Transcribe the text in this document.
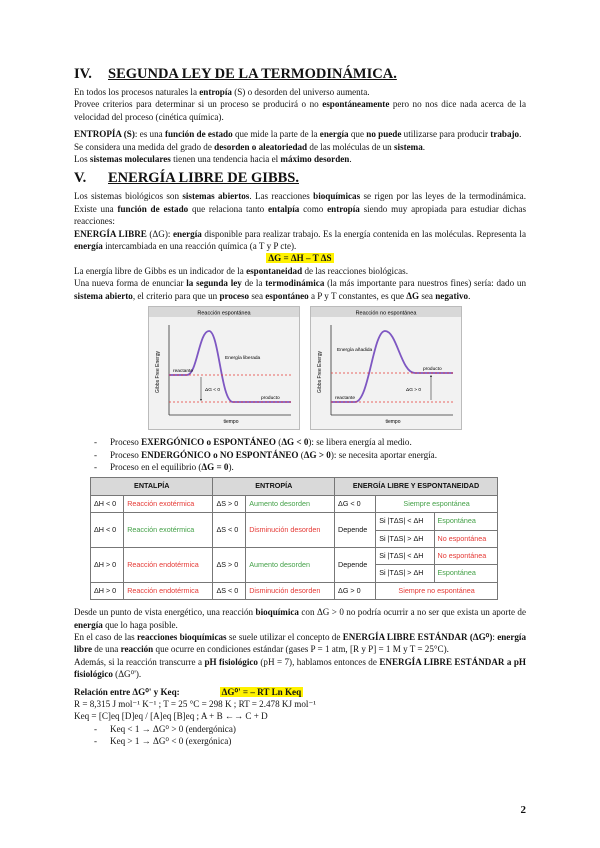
IV. SEGUNDA LEY DE LA TERMODINÁMICA.

En todos los procesos naturales la entropía (S) o desorden del universo aumenta.

Provee criterios para determinar si un proceso se producirá o no espontáneamente pero no nos dice nada acerca de la velocidad del proceso (cinética química).

ENTROPÍA (S): es una función de estado que mide la parte de la energía que no puede utilizarse para producir trabajo.

Se considera una medida del grado de desorden o aleatoriedad de las moléculas de un sistema.

Los sistemas moleculares tienen una tendencia hacia el máximo desorden.

V. ENERGÍA LIBRE DE GIBBS.

Los sistemas biológicos son sistemas abiertos. Las reacciones bioquímicas se rigen por las leyes de la termodinámica. Existe una función de estado que relaciona tanto entalpía como entropía siendo muy apropiada para estudiar dichas reacciones:

ENERGÍA LIBRE (ΔG): energía disponible para realizar trabajo. Es la energía contenida en las moléculas. Representa la energía intercambiada en una reacción química (a T y P cte).

ΔG = ΔH – T ΔS

La energía libre de Gibbs es un indicador de la espontaneidad de las reacciones biológicas.

Una nueva forma de enunciar la segunda ley de la termodinámica (la más importante para nuestros fines) sería: dado un sistema abierto, el criterio para que un proceso sea espontáneo a P y T constantes, es que ΔG sea negativo.

Reacción espontánea
Gibbs Free Energy
tiempo
reactante
producto
Energía liberada
ΔG < 0
Reacción no espontánea
Gibbs Free Energy
tiempo
reactante
producto
Energía añadida
ΔG > 0
- Proceso EXERGÓNICO o ESPONTÁNEO (ΔG < 0): se libera energía al medio.
- Proceso ENDERGÓNICO o NO ESPONTÁNEO (ΔG > 0): se necesita aportar energía.
- Proceso en el equilibrio (ΔG = 0).
ENTALPÍA		ENTROPÍA		ENERGÍA LIBRE Y ESPONTANEIDAD		
ΔH < 0	Reacción exotérmica	ΔS > 0	Aumento desorden	ΔG < 0	Siempre espontánea	
ΔH < 0	Reacción exotérmica	ΔS < 0	Disminución desorden	Depende	Si |TΔS| < ΔH	Espontánea
					Si |TΔS| > ΔH	No espontánea
ΔH > 0	Reacción endotérmica	ΔS > 0	Aumento desorden	Depende	Si |TΔS| < ΔH	No espontánea
					Si |TΔS| > ΔH	Espontánea
ΔH > 0	Reacción endotérmica	ΔS < 0	Disminución desorden	ΔG > 0	Siempre no espontánea	

Desde un punto de vista energético, una reacción bioquímica con ΔG > 0 no podría ocurrir a no ser que exista un aporte de energía que lo haga posible.

En el caso de las reacciones bioquímicas se suele utilizar el concepto de ENERGÍA LIBRE ESTÁNDAR (ΔG⁰): energía libre de una reacción que ocurre en condiciones estándar (gases P = 1 atm, [R y P] = 1 M y T = 25°C).

Además, si la reacción transcurre a pH fisiológico (pH = 7), hablamos entonces de ENERGÍA LIBRE ESTÁNDAR a pH fisiológico (ΔG⁰').

Relación entre ΔG⁰' y Keq:	ΔG⁰' = – RT Ln Keq

R = 8,315 J mol⁻¹ K⁻¹ ; T = 25 °C = 298 K ; RT = 2.478 KJ mol⁻¹

Keq = [C]eq [D]eq / [A]eq [B]eq ; A + B ←→ C + D

- Keq < 1 → ΔG⁰ > 0 (endergónica)
- Keq > 1 → ΔG⁰ < 0 (exergónica)
2
